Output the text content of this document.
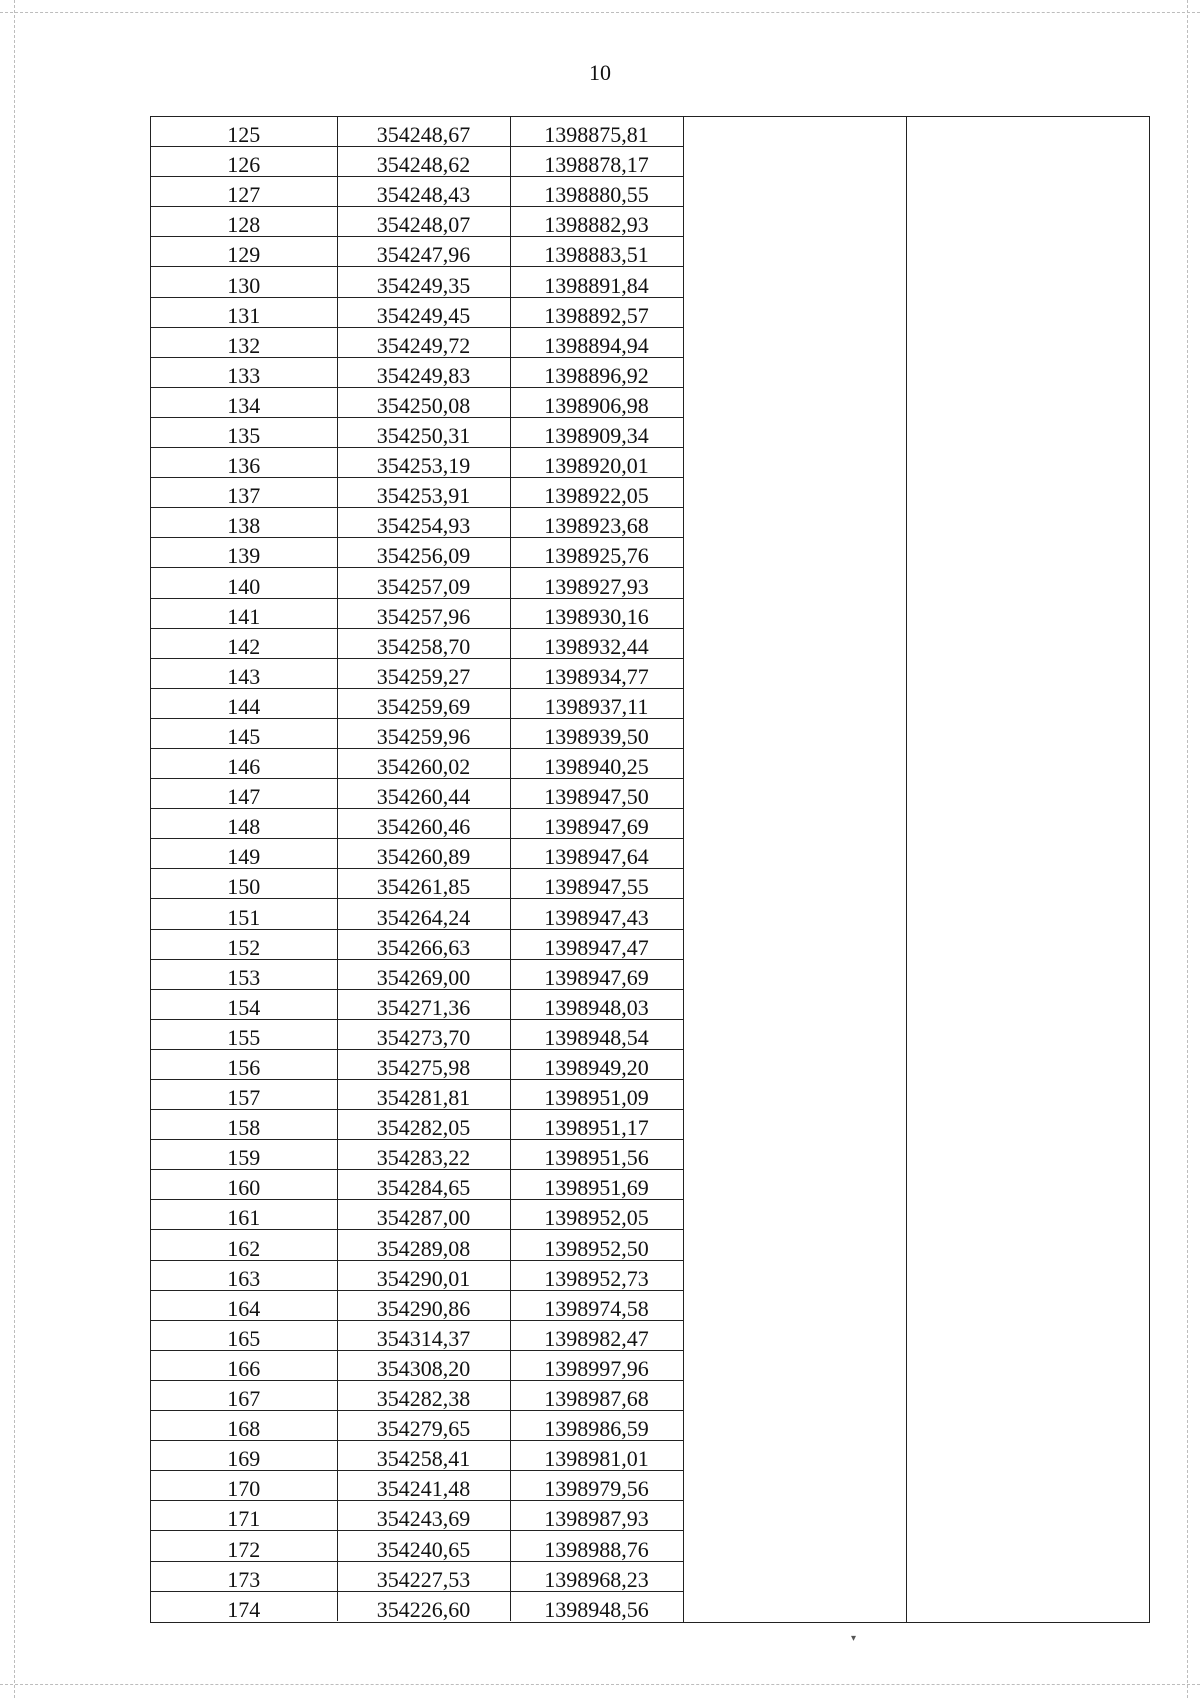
10
125	354248,67	1398875,81
126	354248,62	1398878,17
127	354248,43	1398880,55
128	354248,07	1398882,93
129	354247,96	1398883,51
130	354249,35	1398891,84
131	354249,45	1398892,57
132	354249,72	1398894,94
133	354249,83	1398896,92
134	354250,08	1398906,98
135	354250,31	1398909,34
136	354253,19	1398920,01
137	354253,91	1398922,05
138	354254,93	1398923,68
139	354256,09	1398925,76
140	354257,09	1398927,93
141	354257,96	1398930,16
142	354258,70	1398932,44
143	354259,27	1398934,77
144	354259,69	1398937,11
145	354259,96	1398939,50
146	354260,02	1398940,25
147	354260,44	1398947,50
148	354260,46	1398947,69
149	354260,89	1398947,64
150	354261,85	1398947,55
151	354264,24	1398947,43
152	354266,63	1398947,47
153	354269,00	1398947,69
154	354271,36	1398948,03
155	354273,70	1398948,54
156	354275,98	1398949,20
157	354281,81	1398951,09
158	354282,05	1398951,17
159	354283,22	1398951,56
160	354284,65	1398951,69
161	354287,00	1398952,05
162	354289,08	1398952,50
163	354290,01	1398952,73
164	354290,86	1398974,58
165	354314,37	1398982,47
166	354308,20	1398997,96
167	354282,38	1398987,68
168	354279,65	1398986,59
169	354258,41	1398981,01
170	354241,48	1398979,56
171	354243,69	1398987,93
172	354240,65	1398988,76
173	354227,53	1398968,23
174	354226,60	1398948,56
▾
